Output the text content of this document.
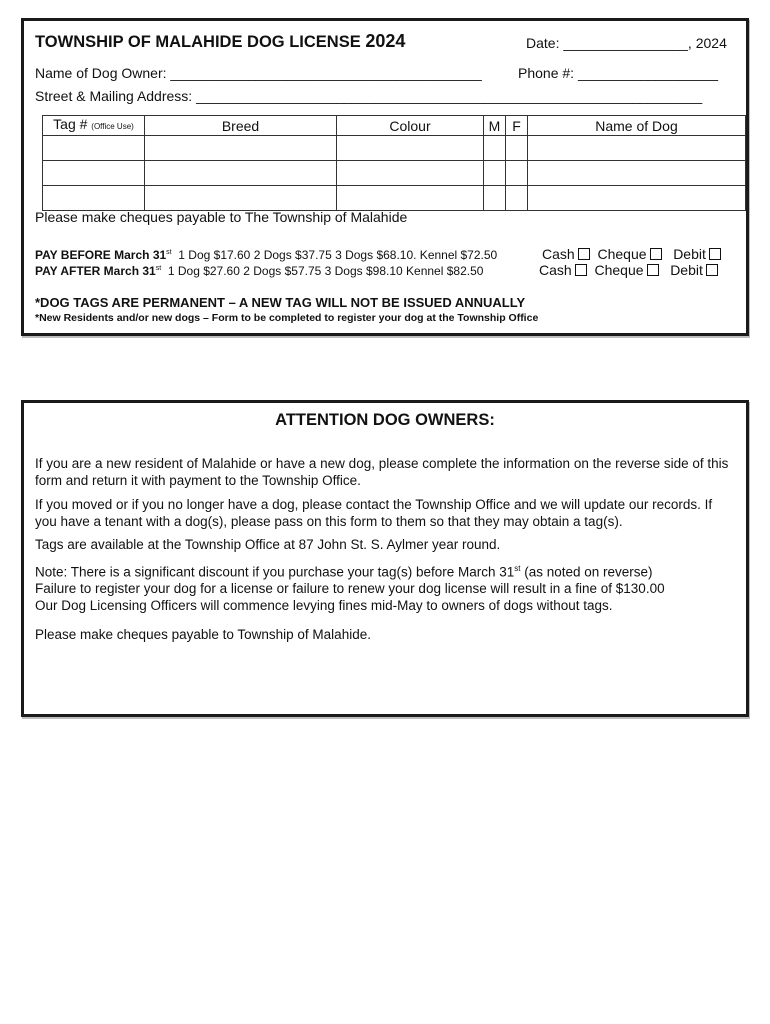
TOWNSHIP OF MALAHIDE DOG LICENSE 2024	Date: ________________, 2024
Name of Dog Owner: ________________________________________	Phone #: __________________
Street & Mailing Address: _________________________________________________________________
Tag # (Office Use)	Breed	Colour	M	F	Name of Dog

Please make cheques payable to The Township of Malahide
PAY BEFORE March 31st 1 Dog $17.60 2 Dogs $37.75 3 Dogs $68.10. Kennel $72.50	Cash Cheque Debit
PAY AFTER March 31st 1 Dog $27.60 2 Dogs $57.75 3 Dogs $98.10 Kennel $82.50	Cash Cheque Debit
*DOG TAGS ARE PERMANENT – A NEW TAG WILL NOT BE ISSUED ANNUALLY
*New Residents and/or new dogs – Form to be completed to register your dog at the Township Office
ATTENTION DOG OWNERS:
If you are a new resident of Malahide or have a new dog, please complete the information on the reverse side of this form and return it with payment to the Township Office.
If you moved or if you no longer have a dog, please contact the Township Office and we will update our records. If you have a tenant with a dog(s), please pass on this form to them so that they may obtain a tag(s).
Tags are available at the Township Office at 87 John St. S. Aylmer year round.
Note: There is a significant discount if you purchase your tag(s) before March 31st (as noted on reverse)
Failure to register your dog for a license or failure to renew your dog license will result in a fine of $130.00
Our Dog Licensing Officers will commence levying fines mid-May to owners of dogs without tags.
Please make cheques payable to Township of Malahide.
